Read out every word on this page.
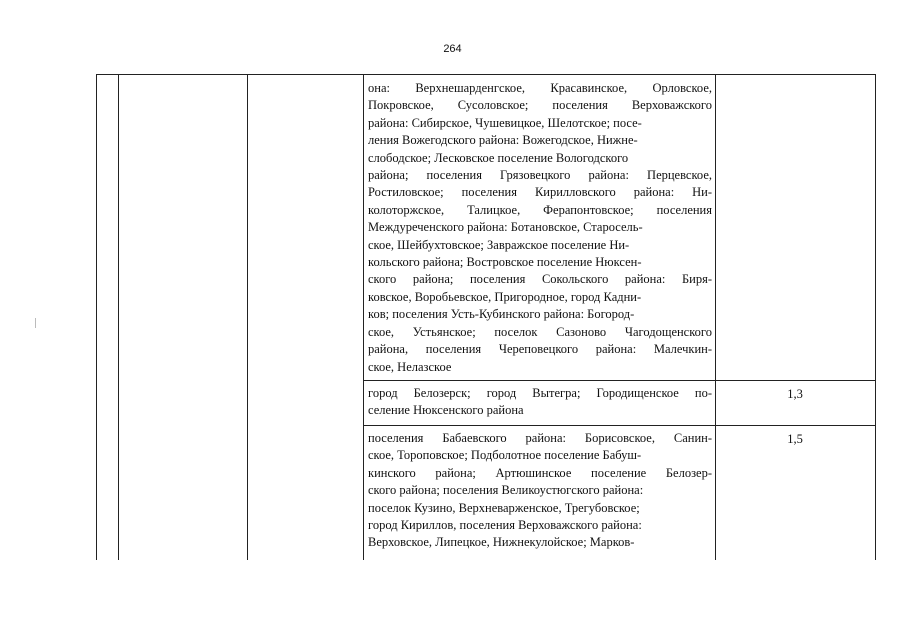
264
она: Верхнешарденгское, Красавинское, Орловское,
Покровское, Сусоловское; поселения Верховажского
района: Сибирское, Чушевицкое, Шелотское; посе-
ления Вожегодского района: Вожегодское, Нижне-
слободское; Лесковское поселение Вологодского
района; поселения Грязовецкого района: Перцевское,
Ростиловское; поселения Кирилловского района: Ни-
колоторжское, Талицкое, Ферапонтовское; поселения
Междуреченского района: Ботановское, Старосель-
ское, Шейбухтовское; Завражское поселение Ни-
кольского района; Востровское поселение Нюксен-
ского района; поселения Сокольского района: Биря-
ковское, Воробьевское, Пригородное, город Кадни-
ков; поселения Усть-Кубинского района: Богород-
ское, Устьянское; поселок Сазоново Чагодощенского
района, поселения Череповецкого района: Малечкин-
ское, Нелазское
город Белозерск; город Вытегра; Городищенское по-
селение Нюксенского района
1,3
поселения Бабаевского района: Борисовское, Санин-
ское, Тороповское; Подболотное поселение Бабуш-
кинского района; Артюшинское поселение Белозер-
ского района; поселения Великоустюгского района:
поселок Кузино, Верхневарженское, Трегубовское;
город Кириллов, поселения Верховажского района:
Верховское, Липецкое, Нижнекулойское; Марков-
1,5
